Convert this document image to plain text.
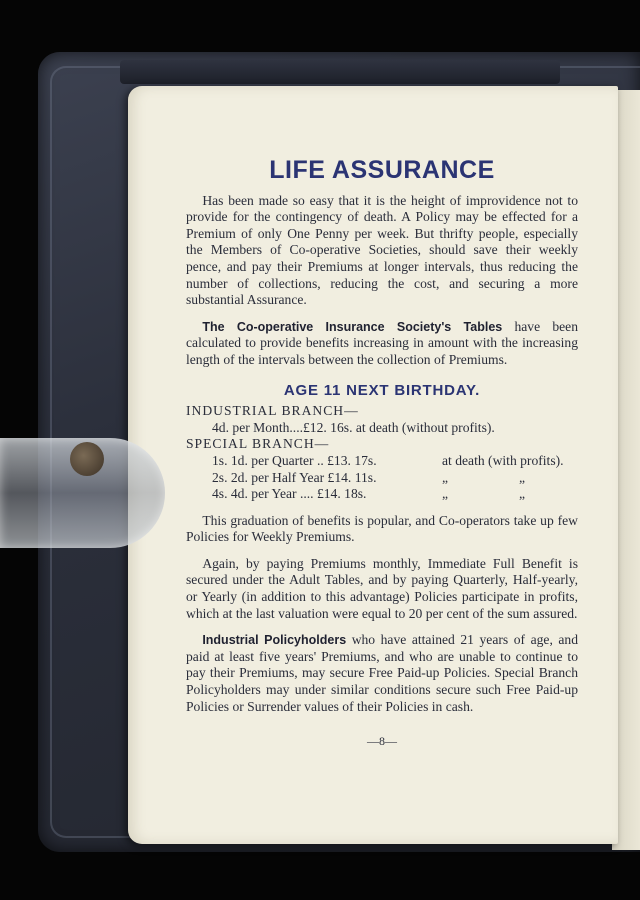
LIFE ASSURANCE

Has been made so easy that it is the height of improvidence not to provide for the contingency of death. A Policy may be effected for a Premium of only One Penny per week. But thrifty people, especially the Members of Co-operative Societies, should save their weekly pence, and pay their Premiums at longer intervals, thus reducing the number of collections, reducing the cost, and securing a more substantial Assurance.

The Co-operative Insurance Society's Tables have been calculated to provide benefits increasing in amount with the increasing length of the intervals between the collection of Premiums.

AGE 11 NEXT BIRTHDAY.
INDUSTRIAL BRANCH—
4d. per Month....£12. 16s. at death (without profits).
SPECIAL BRANCH—
1s. 1d. per Quarter .. £13. 17s.	at death (with profits).
2s. 2d. per Half Year £14. 11s.	„	„
4s. 4d. per Year .... £14. 18s.	„	„

This graduation of benefits is popular, and Co-operators take up few Policies for Weekly Premiums.

Again, by paying Premiums monthly, Immediate Full Benefit is secured under the Adult Tables, and by paying Quarterly, Half-yearly, or Yearly (in addition to this advantage) Policies participate in profits, which at the last valuation were equal to 20 per cent of the sum assured.

Industrial Policyholders who have attained 21 years of age, and paid at least five years' Premiums, and who are unable to continue to pay their Premiums, may secure Free Paid-up Policies. Special Branch Policyholders may under similar conditions secure such Free Paid-up Policies or Surrender values of their Policies in cash.

—8—
